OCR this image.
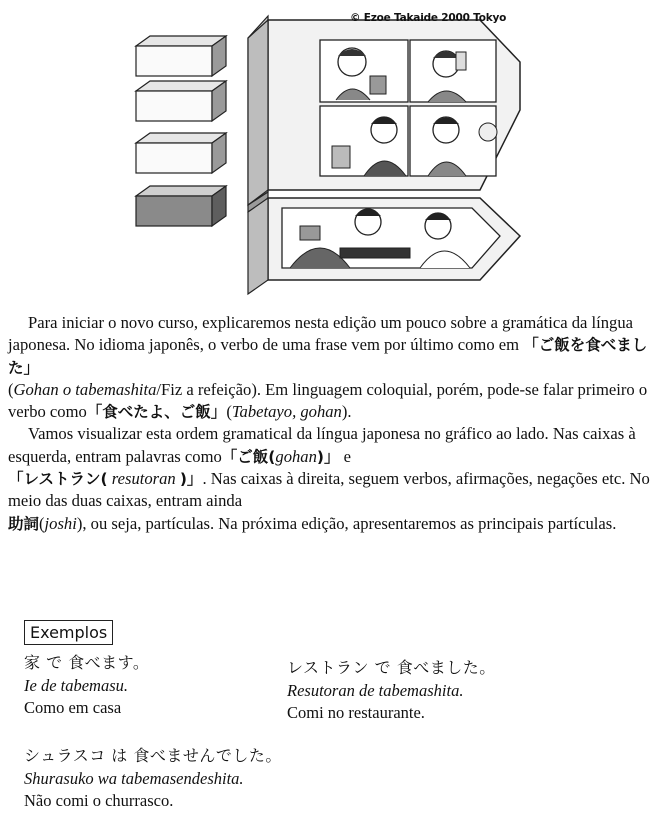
© Ezoe Takaide 2000 Tokyo

Para iniciar o novo curso, explicaremos nesta edição um pouco sobre a gramática da língua japonesa. No idioma japonês, o verbo de uma frase vem por último como em 「ご飯を食べました」
(Gohan o tabemashita/Fiz a refeição). Em linguagem coloquial, porém, pode-se falar primeiro o verbo como「食べたよ、ご飯」(Tabetayo, gohan).

Vamos visualizar esta ordem gramatical da língua japonesa no gráfico ao lado. Nas caixas à esquerda, entram palavras como「ご飯(gohan)」 e
「レストラン( resutoran )」. Nas caixas à direita, seguem verbos, afirmações, negações etc. No meio das duas caixas, entram ainda
助詞(joshi), ou seja, partículas. Na próxima edição, apresentaremos as principais partículas.

Exemplos
家 で 食べます。
Ie de tabemasu.
Como em casa
レストラン で 食べました。
Resutoran de tabemashita.
Comi no restaurante.
シュラスコ は 食べませんでした。
Shurasuko wa tabemasendeshita.
Não comi o churrasco.
